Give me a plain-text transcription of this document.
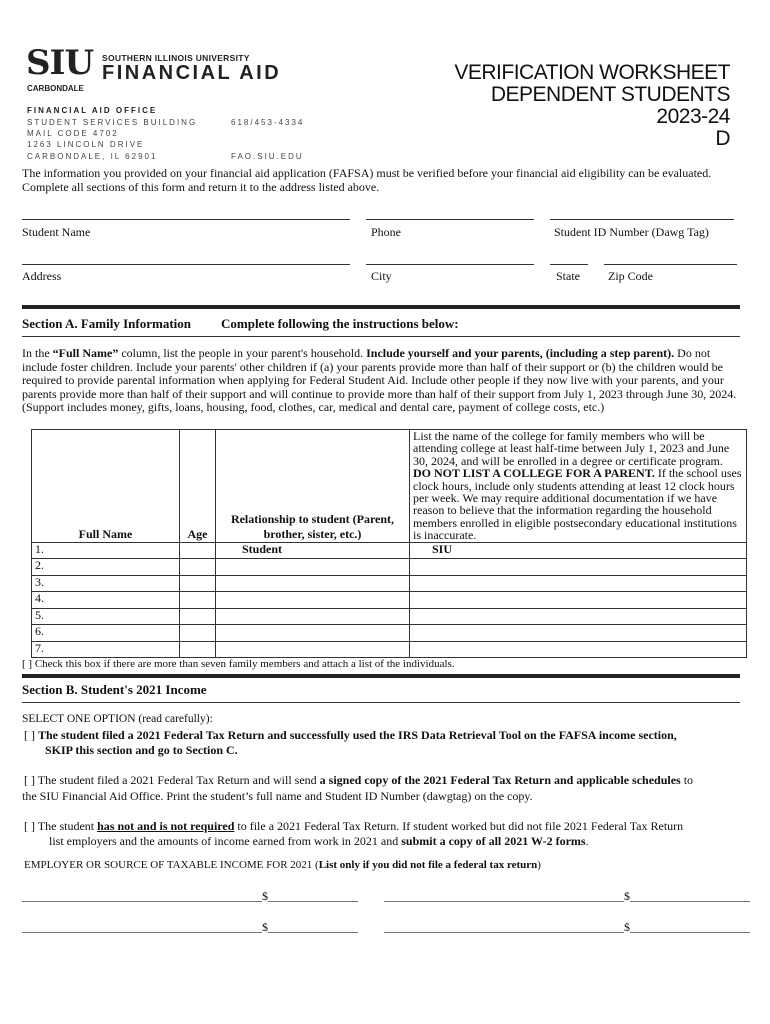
SIU SOUTHERN ILLINOIS UNIVERSITY
FINANCIAL AID
CARBONDALE
FINANCIAL AID OFFICE
STUDENT SERVICES BUILDING
MAIL CODE 4702
1263 LINCOLN DRIVE
CARBONDALE, IL 62901
618/453-4334
FAO.SIU.EDU
VERIFICATION WORKSHEET
DEPENDENT STUDENTS
2023-24
D
The information you provided on your financial aid application (FAFSA) must be verified before your financial aid eligibility can be evaluated. Complete all sections of this form and return it to the address listed above.
Student Name	Phone	Student ID Number (Dawg Tag)
Address	City	State Zip Code
Section A. Family Information Complete following the instructions below:
In the “Full Name” column, list the people in your parent's household. Include yourself and your parents, (including a step parent). Do not include foster children. Include your parents' other children if (a) your parents provide more than half of their support or (b) the children would be required to provide parental information when applying for Federal Student Aid. Include other people if they now live with your parents, and your parents provide more than half of their support and will continue to provide more than half of their support from July 1, 2023 through June 30, 2024. (Support includes money, gifts, loans, housing, food, clothes, car, medical and dental care, payment of college costs, etc.)
Full Name	Age	Relationship to student (Parent, brother, sister, etc.)	List the name of the college for family members who will be attending college at least half-time between July 1, 2023 and June 30, 2024, and will be enrolled in a degree or certificate program. DO NOT LIST A COLLEGE FOR A PARENT. If the school uses clock hours, include only students attending at least 12 clock hours per week. We may require additional documentation if we have reason to believe that the information regarding the household members enrolled in eligible postsecondary educational institutions is inaccurate.
1.		Student	SIU
2.			
3.			
4.			
5.			
6.			
7.			
[ ] Check this box if there are more than seven family members and attach a list of the individuals.
Section B. Student's 2021 Income
SELECT ONE OPTION (read carefully):
[ ] The student filed a 2021 Federal Tax Return and successfully used the IRS Data Retrieval Tool on the FAFSA income section,
SKIP this section and go to Section C.
[ ] The student filed a 2021 Federal Tax Return and will send a signed copy of the 2021 Federal Tax Return and applicable schedules to
the SIU Financial Aid Office. Print the student’s full name and Student ID Number (dawgtag) on the copy.
[ ] The student has not and is not required to file a 2021 Federal Tax Return. If student worked but did not file 2021 Federal Tax Return
list employers and the amounts of income earned from work in 2021 and submit a copy of all 2021 W-2 forms.
EMPLOYER OR SOURCE OF TAXABLE INCOME FOR 2021 (List only if you did not file a federal tax return)
________________________________________$_______________ ________________________________________$____________________
________________________________________$_______________ ________________________________________$____________________
